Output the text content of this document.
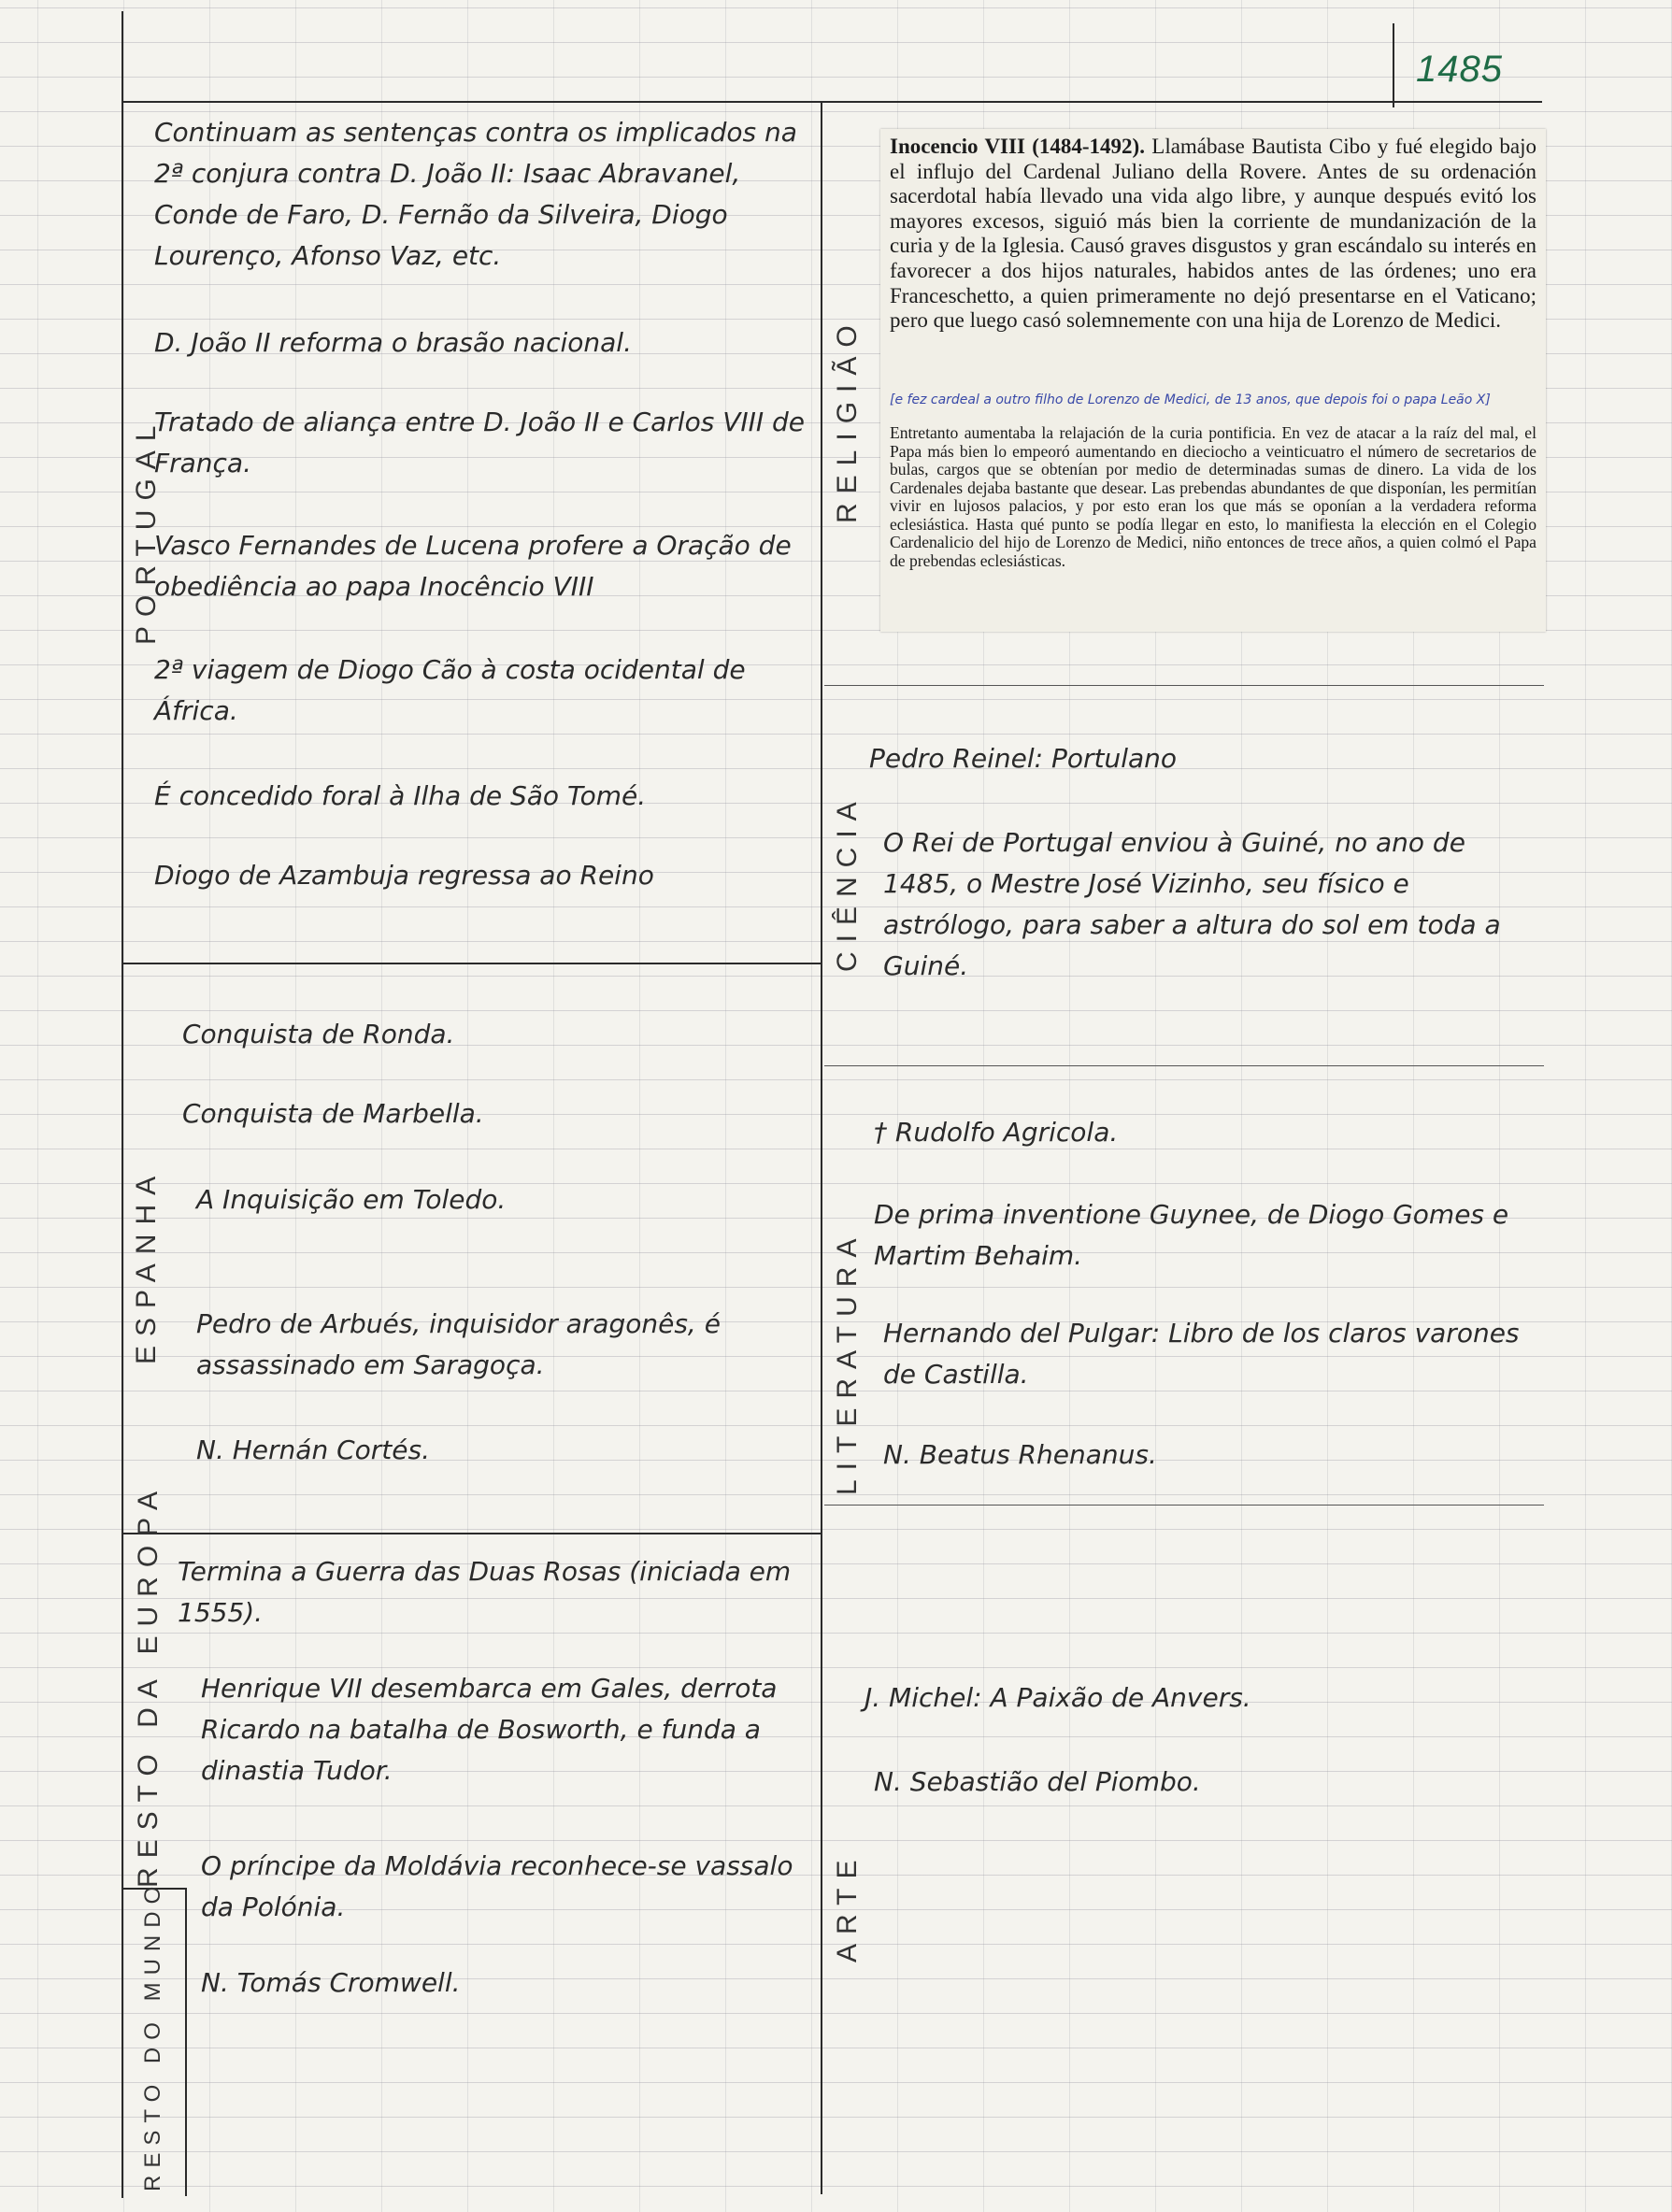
1485
PORTUGAL
ESPANHA
RESTO DA EUROPA
RESTO DO MUNDO
RELIGIÃO
CIÊNCIA
LITERATURA
ARTE
Continuam as sentenças contra os implicados na 2ª conjura contra D. João II: Isaac Abravanel, Conde de Faro, D. Fernão da Silveira, Diogo Lourenço, Afonso Vaz, etc.
D. João II reforma o brasão nacional.
Tratado de aliança entre D. João II e Carlos VIII de França.
Vasco Fernandes de Lucena profere a Oração de obediência ao papa Inocêncio VIII
2ª viagem de Diogo Cão à costa ocidental de África.
É concedido foral à Ilha de São Tomé.
Diogo de Azambuja regressa ao Reino
Conquista de Ronda.
Conquista de Marbella.
A Inquisição em Toledo.
Pedro de Arbués, inquisidor aragonês, é assassinado em Saragoça.
N. Hernán Cortés.
Termina a Guerra das Duas Rosas (iniciada em 1555).
Henrique VII desembarca em Gales, derrota Ricardo na batalha de Bosworth, e funda a dinastia Tudor.
O príncipe da Moldávia reconhece-se vassalo da Polónia.
N. Tomás Cromwell.
Inocencio VIII (1484-1492). Llamábase Bautista Cibo y fué elegido bajo el influjo del Cardenal Juliano della Rovere. Antes de su ordenación sacerdotal había llevado una vida algo libre, y aunque después evitó los mayores excesos, siguió más bien la corriente de mundanización de la curia y de la Iglesia. Causó graves disgustos y gran escándalo su interés en favorecer a dos hijos naturales, habidos antes de las órdenes; uno era Franceschetto, a quien primeramente no dejó presentarse en el Vaticano; pero que luego casó solemnemente con una hija de Lorenzo de Medici.
[e fez cardeal a outro filho de Lorenzo de Medici, de 13 anos, que depois foi o papa Leão X]
Entretanto aumentaba la relajación de la curia pontificia. En vez de atacar a la raíz del mal, el Papa más bien lo empeoró aumentando en dieciocho a veinticuatro el número de secretarios de bulas, cargos que se obtenían por medio de determinadas sumas de dinero. La vida de los Cardenales dejaba bastante que desear. Las prebendas abundantes de que disponían, les permitían vivir en lujosos palacios, y por esto eran los que más se oponían a la verdadera reforma eclesiástica. Hasta qué punto se podía llegar en esto, lo manifiesta la elección en el Colegio Cardenalicio del hijo de Lorenzo de Medici, niño entonces de trece años, a quien colmó el Papa de prebendas eclesiásticas.
Pedro Reinel: Portulano
O Rei de Portugal enviou à Guiné, no ano de 1485, o Mestre José Vizinho, seu físico e astrólogo, para saber a altura do sol em toda a Guiné.
† Rudolfo Agricola.
De prima inventione Guynee, de Diogo Gomes e Martim Behaim.
Hernando del Pulgar: Libro de los claros varones de Castilla.
N. Beatus Rhenanus.
J. Michel: A Paixão de Anvers.
N. Sebastião del Piombo.
